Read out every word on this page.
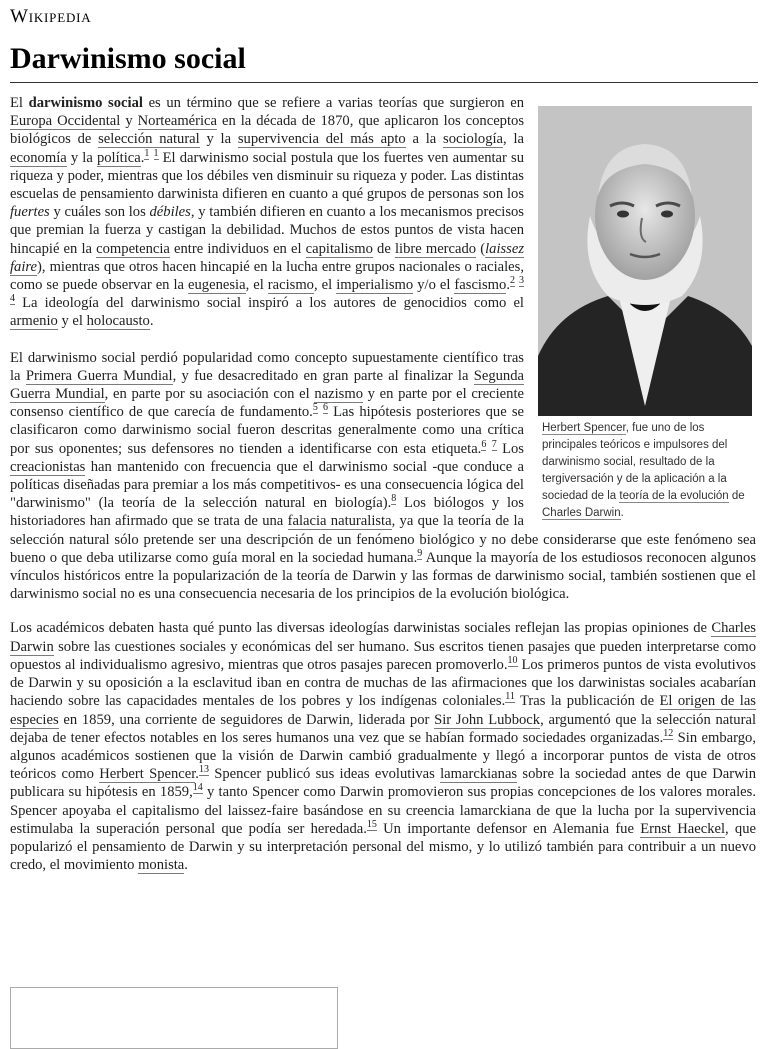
Wikipedia
Darwinismo social
Herbert Spencer, fue uno de los principales teóricos e impulsores del darwinismo social, resultado de la tergiversación y de la aplicación a la sociedad de la teoría de la evolución de Charles Darwin.

El darwinismo social es un término que se refiere a varias teorías que surgieron en Europa Occidental y Norteamérica en la década de 1870, que aplicaron los conceptos biológicos de selección natural y la supervivencia del más apto a la sociología, la economía y la política.$^1$ $^1$ El darwinismo social postula que los fuertes ven aumentar su riqueza y poder, mientras que los débiles ven disminuir su riqueza y poder. Las distintas escuelas de pensamiento darwinista difieren en cuanto a qué grupos de personas son los fuertes y cuáles son los débiles, y también difieren en cuanto a los mecanismos precisos que premian la fuerza y castigan la debilidad. Muchos de estos puntos de vista hacen hincapié en la competencia entre individuos en el capitalismo de libre mercado (laissez faire), mientras que otros hacen hincapié en la lucha entre grupos nacionales o raciales, como se puede observar en la eugenesia, el racismo, el imperialismo y/o el fascismo.$^2$ $^3$ $^4$ La ideología del darwinismo social inspiró a los autores de genocidios como el armenio y el holocausto.

El darwinismo social perdió popularidad como concepto supuestamente científico tras la Primera Guerra Mundial, y fue desacreditado en gran parte al finalizar la Segunda Guerra Mundial, en parte por su asociación con el nazismo y en parte por el creciente consenso científico de que carecía de fundamento.$^5$ $^6$ Las hipótesis posteriores que se clasificaron como darwinismo social fueron descritas generalmente como una crítica por sus oponentes; sus defensores no tienden a identificarse con esta etiqueta.$^6$ $^7$ Los creacionistas han mantenido con frecuencia que el darwinismo social -que conduce a políticas diseñadas para premiar a los más competitivos- es una consecuencia lógica del "darwinismo" (la teoría de la selección natural en biología).$^8$ Los biólogos y los historiadores han afirmado que se trata de una falacia naturalista, ya que la teoría de la selección natural sólo pretende ser una descripción de un fenómeno biológico y no debe considerarse que este fenómeno sea bueno o que deba utilizarse como guía moral en la sociedad humana.$^9$ Aunque la mayoría de los estudiosos reconocen algunos vínculos históricos entre la popularización de la teoría de Darwin y las formas de darwinismo social, también sostienen que el darwinismo social no es una consecuencia necesaria de los principios de la evolución biológica.

Los académicos debaten hasta qué punto las diversas ideologías darwinistas sociales reflejan las propias opiniones de Charles Darwin sobre las cuestiones sociales y económicas del ser humano. Sus escritos tienen pasajes que pueden interpretarse como opuestos al individualismo agresivo, mientras que otros pasajes parecen promoverlo.$^{10}$ Los primeros puntos de vista evolutivos de Darwin y su oposición a la esclavitud iban en contra de muchas de las afirmaciones que los darwinistas sociales acabarían haciendo sobre las capacidades mentales de los pobres y los indígenas coloniales.$^{11}$ Tras la publicación de El origen de las especies en 1859, una corriente de seguidores de Darwin, liderada por Sir John Lubbock, argumentó que la selección natural dejaba de tener efectos notables en los seres humanos una vez que se habían formado sociedades organizadas.$^{12}$ Sin embargo, algunos académicos sostienen que la visión de Darwin cambió gradualmente y llegó a incorporar puntos de vista de otros teóricos como Herbert Spencer.$^{13}$ Spencer publicó sus ideas evolutivas lamarckianas sobre la sociedad antes de que Darwin publicara su hipótesis en 1859,14 y tanto Spencer como Darwin promovieron sus propias concepciones de los valores morales. Spencer apoyaba el capitalismo del laissez-faire basándose en su creencia lamarckiana de que la lucha por la supervivencia estimulaba la superación personal que podía ser heredada.$^{15}$ Un importante defensor en Alemania fue Ernst Haeckel, que popularizó el pensamiento de Darwin y su interpretación personal del mismo, y lo utilizó también para contribuir a un nuevo credo, el movimiento monista.
